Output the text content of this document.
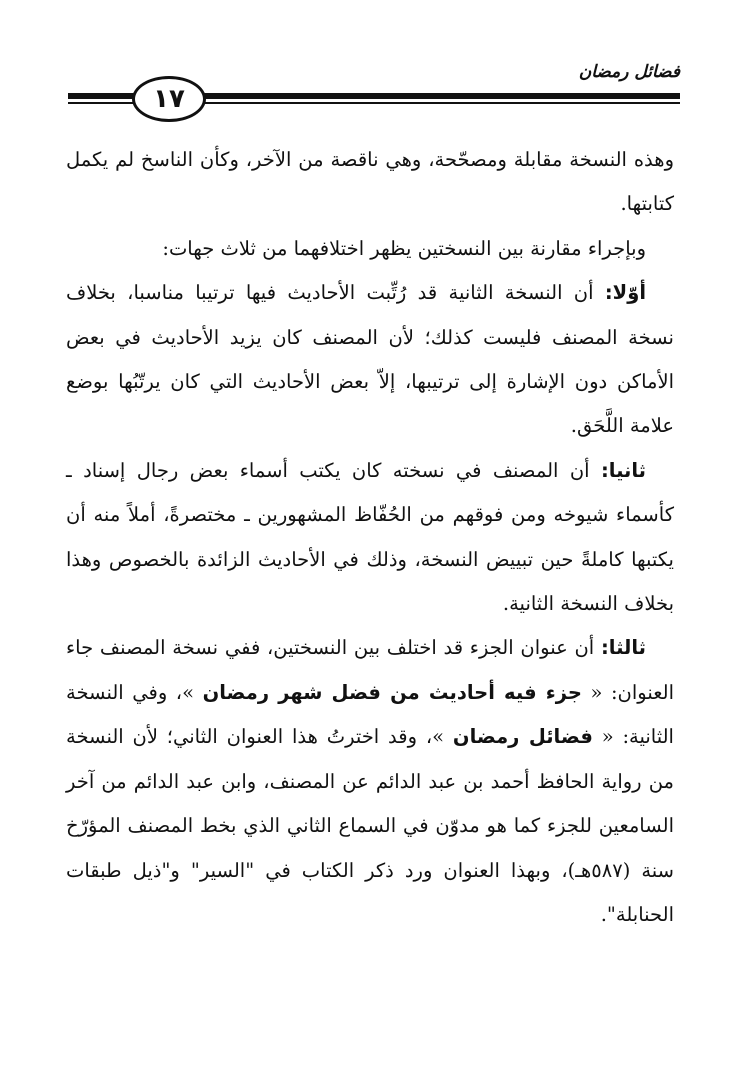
فضائل رمضان
١٧

وهذه النسخة مقابلة ومصحّحة، وهي ناقصة من الآخر، وكأن الناسخ لم يكمل كتابتها.

وبإجراء مقارنة بين النسختين يظهر اختلافهما من ثلاث جهات:

أوّلا: أن النسخة الثانية قد رُتِّبت الأحاديث فيها ترتيبا مناسبا، بخلاف نسخة المصنف فليست كذلك؛ لأن المصنف كان يزيد الأحاديث في بعض الأماكن دون الإشارة إلى ترتيبها، إلاّ بعض الأحاديث التي كان يرتّبُها بوضع علامة اللَّحَق.

ثانيا: أن المصنف في نسخته كان يكتب أسماء بعض رجال إسناد ـ كأسماء شيوخه ومن فوقهم من الحُفّاظ المشهورين ـ مختصرةً، أملاً منه أن يكتبها كاملةً حين تبييض النسخة، وذلك في الأحاديث الزائدة بالخصوص وهذا بخلاف النسخة الثانية.

ثالثا: أن عنوان الجزء قد اختلف بين النسختين، ففي نسخة المصنف جاء العنوان: « جزء فيه أحاديث من فضل شهر رمضان »، وفي النسخة الثانية: « فضائل رمضان »، وقد اخترتُ هذا العنوان الثاني؛ لأن النسخة من رواية الحافظ أحمد بن عبد الدائم عن المصنف، وابن عبد الدائم من آخر السامعين للجزء كما هو مدوّن في السماع الثاني الذي بخط المصنف المؤرّخ سنة (٥٨٧هـ)، وبهذا العنوان ورد ذكر الكتاب في "السير" و"ذيل طبقات الحنابلة".
